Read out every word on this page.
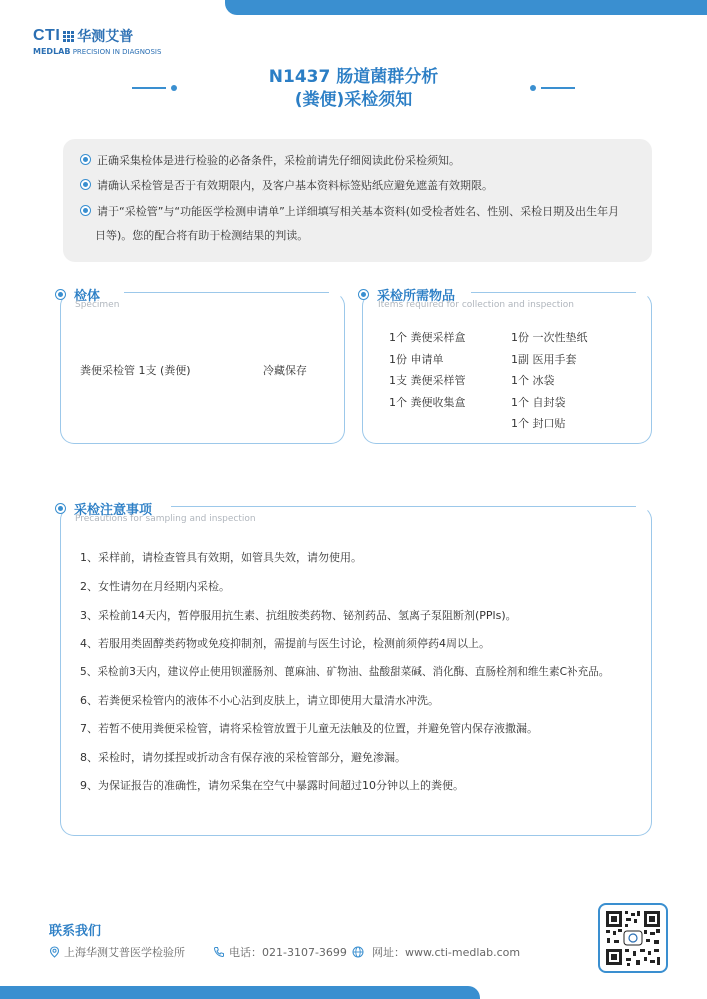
CTI 华测艾普
MEDLAB PRECISION IN DIAGNOSIS
N1437 肠道菌群分析
(粪便)采检须知
正确采集检体是进行检验的必备条件，采检前请先仔细阅读此份采检须知。
请确认采检管是否于有效期限内，及客户基本资料标签贴纸应避免遮盖有效期限。
请于“采检管”与“功能医学检测申请单”上详细填写相关基本资料(如受检者姓名、性别、采检日期及出生年月
日等)。您的配合将有助于检测结果的判读。
检体
Specimen
粪便采检管 1支 (粪便)	冷藏保存
采检所需物品
Items required for collection and inspection
1个 粪便采样盒
1份 申请单
1支 粪便采样管
1个 粪便收集盒
1份 一次性垫纸
1副 医用手套
1个 冰袋
1个 自封袋
1个 封口贴
采检注意事项
Precautions for sampling and inspection
1、采样前，请检查管具有效期，如管具失效，请勿使用。
2、女性请勿在月经期内采检。
3、采检前14天内，暂停服用抗生素、抗组胺类药物、铋剂药品、氢离子泵阻断剂(PPls)。
4、若服用类固醇类药物或免疫抑制剂，需提前与医生讨论，检测前须停药4周以上。
5、采检前3天内，建议停止使用钡灌肠剂、蓖麻油、矿物油、盐酸甜菜碱、消化酶、直肠栓剂和维生素C补充品。
6、若粪便采检管内的液体不小心沾到皮肤上，请立即使用大量清水冲洗。
7、若暂不使用粪便采检管，请将采检管放置于儿童无法触及的位置，并避免管内保存液撒漏。
8、采检时，请勿揉捏或折动含有保存液的采检管部分，避免渗漏。
9、为保证报告的准确性，请勿采集在空气中暴露时间超过10分钟以上的粪便。
联系我们
上海华测艾普医学检验所	电话：021-3107-3699 网址：www.cti-medlab.com
